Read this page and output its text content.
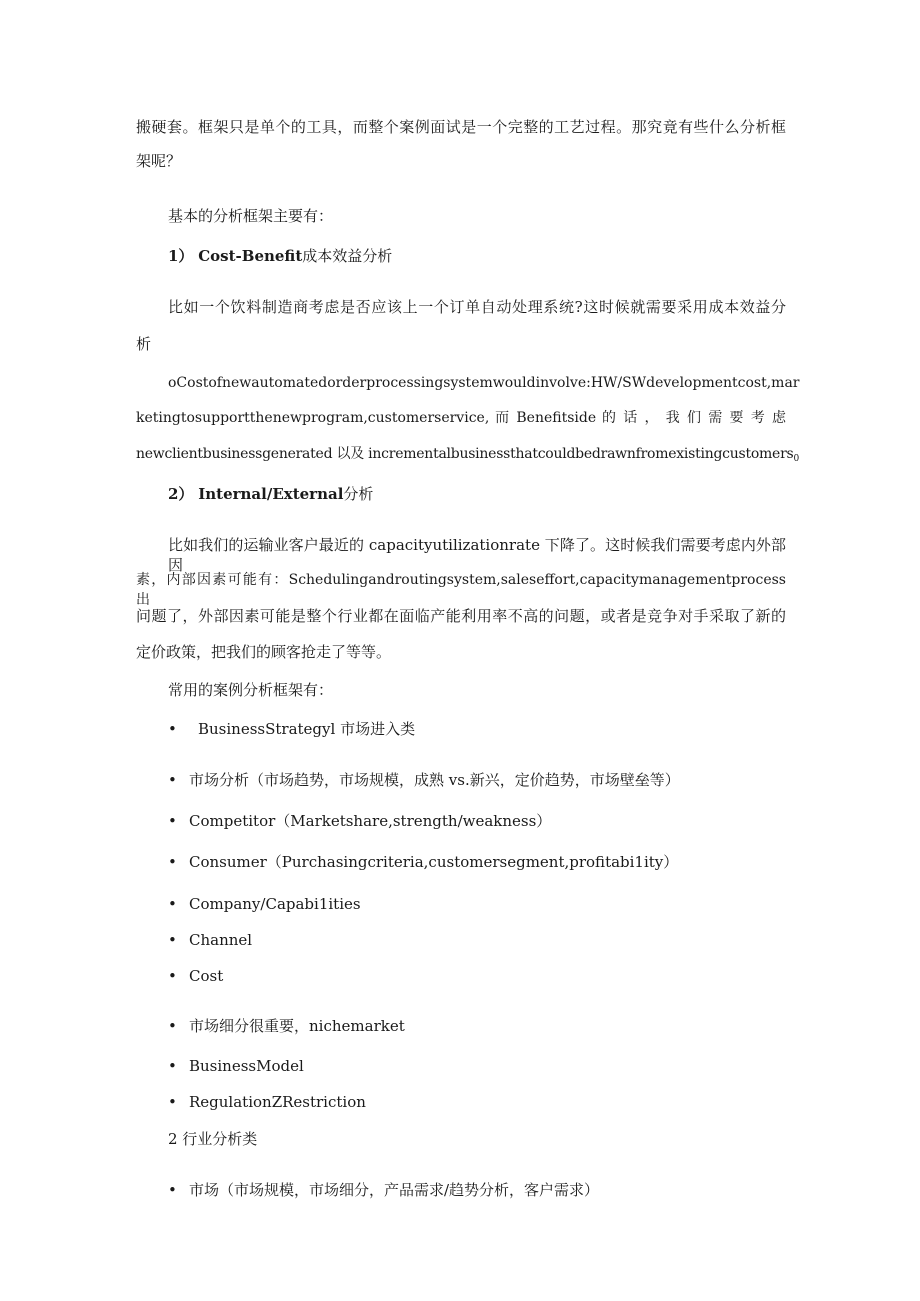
搬硬套。框架只是单个的工具，而整个案例面试是一个完整的工艺过程。那究竟有些什么分析框
架呢？
基本的分析框架主要有：
1） Cost-Benefit成本效益分析
比如一个饮料制造商考虑是否应该上一个订单自动处理系统?这时候就需要采用成本效益分
析
oCostofnewautomatedorderprocessingsystemwouldinvolve:HW/SWdevelopmentcost,mar
ketingtosupportthenewprogram,customerservice, 而 Benefitside 的 话 ， 我 们 需 要 考 虑
newclientbusinessgenerated 以及 incrementalbusinessthatcouldbedrawnfromexistingcustomers$_0$
2） Internal/External分析
比如我们的运输业客户最近的 capacityutilizationrate 下降了。这时候我们需要考虑内外部因
素，内部因素可能有：Schedulingandroutingsystem,saleseffort,capacitymanagementprocess 出
问题了，外部因素可能是整个行业都在面临产能利用率不高的问题，或者是竞争对手采取了新的
定价政策，把我们的顾客抢走了等等。
常用的案例分析框架有：
• BusinessStrategyl 市场进入类
• 市场分析（市场趋势，市场规模，成熟 vs.新兴，定价趋势，市场壁垒等）
• Competitor（Marketshare,strength/weakness）
• Consumer（Purchasingcriteria,customersegment,profitabi1ity）
• Company/Capabi1ities
• Channel
• Cost
• 市场细分很重要，nichemarket
• BusinessModel
• RegulationZRestriction
2 行业分析类
• 市场（市场规模，市场细分，产品需求/趋势分析，客户需求）
